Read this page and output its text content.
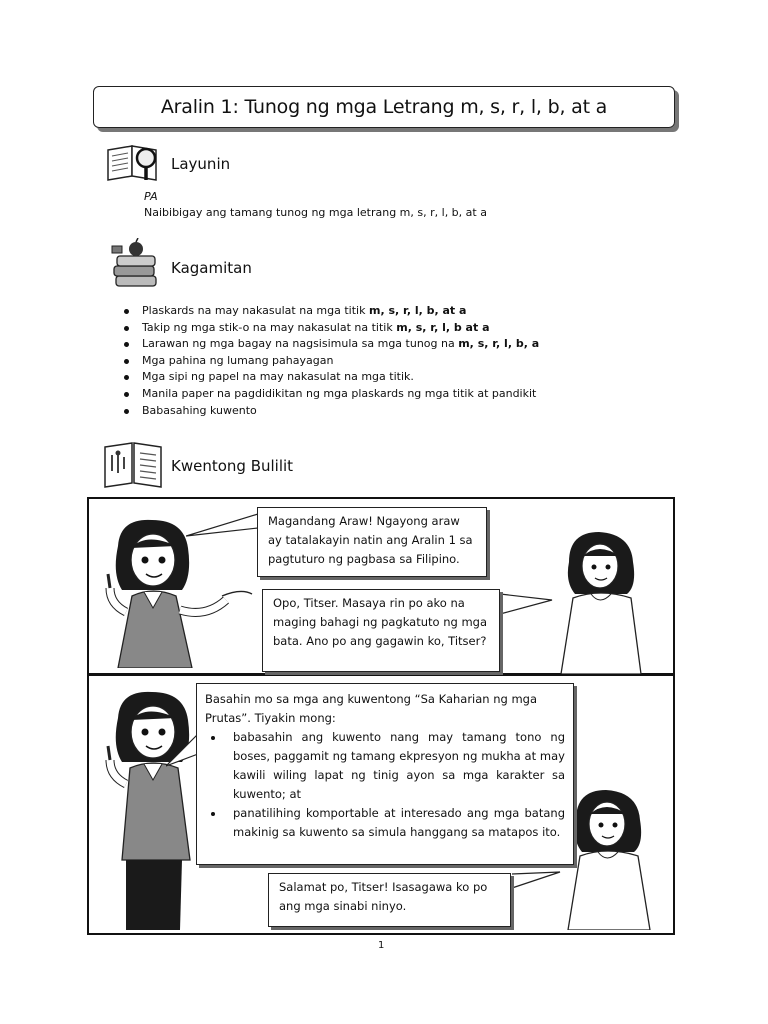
Aralin 1: Tunog ng mga Letrang m, s, r, l, b, at a
Layunin
PA
Naibibigay ang tamang tunog ng mga letrang m, s, r, l, b, at a
Kagamitan
Plaskards na may nakasulat na mga titik m, s, r, l, b, at a
Takip ng mga stik-o na may nakasulat na titik m, s, r, l, b at a
Larawan ng mga bagay na nagsisimula sa mga tunog na m, s, r, l, b, a
Mga pahina ng lumang pahayagan
Mga sipi ng papel na may nakasulat na mga titik.
Manila paper na pagdidikitan ng mga plaskards ng mga titik at pandikit
Babasahing kuwento
Kwentong Bulilit
Magandang Araw! Ngayong araw ay tatalakayin natin ang Aralin 1 sa pagtuturo ng pagbasa sa Filipino.
Opo, Titser. Masaya rin po ako na maging bahagi ng pagkatuto ng mga bata. Ano po ang gagawin ko, Titser?
Basahin mo sa mga ang kuwentong “Sa Kaharian ng mga Prutas”. Tiyakin mong:
babasahin ang kuwento nang may tamang tono ng boses, paggamit ng tamang ekpresyon ng mukha at may kawili wiling lapat ng tinig ayon sa mga karakter sa kuwento; at
panatilihing komportable at interesado ang mga batang makinig sa kuwento sa simula hanggang sa matapos ito.
Salamat po, Titser! Isasagawa ko po ang mga sinabi ninyo.
1
